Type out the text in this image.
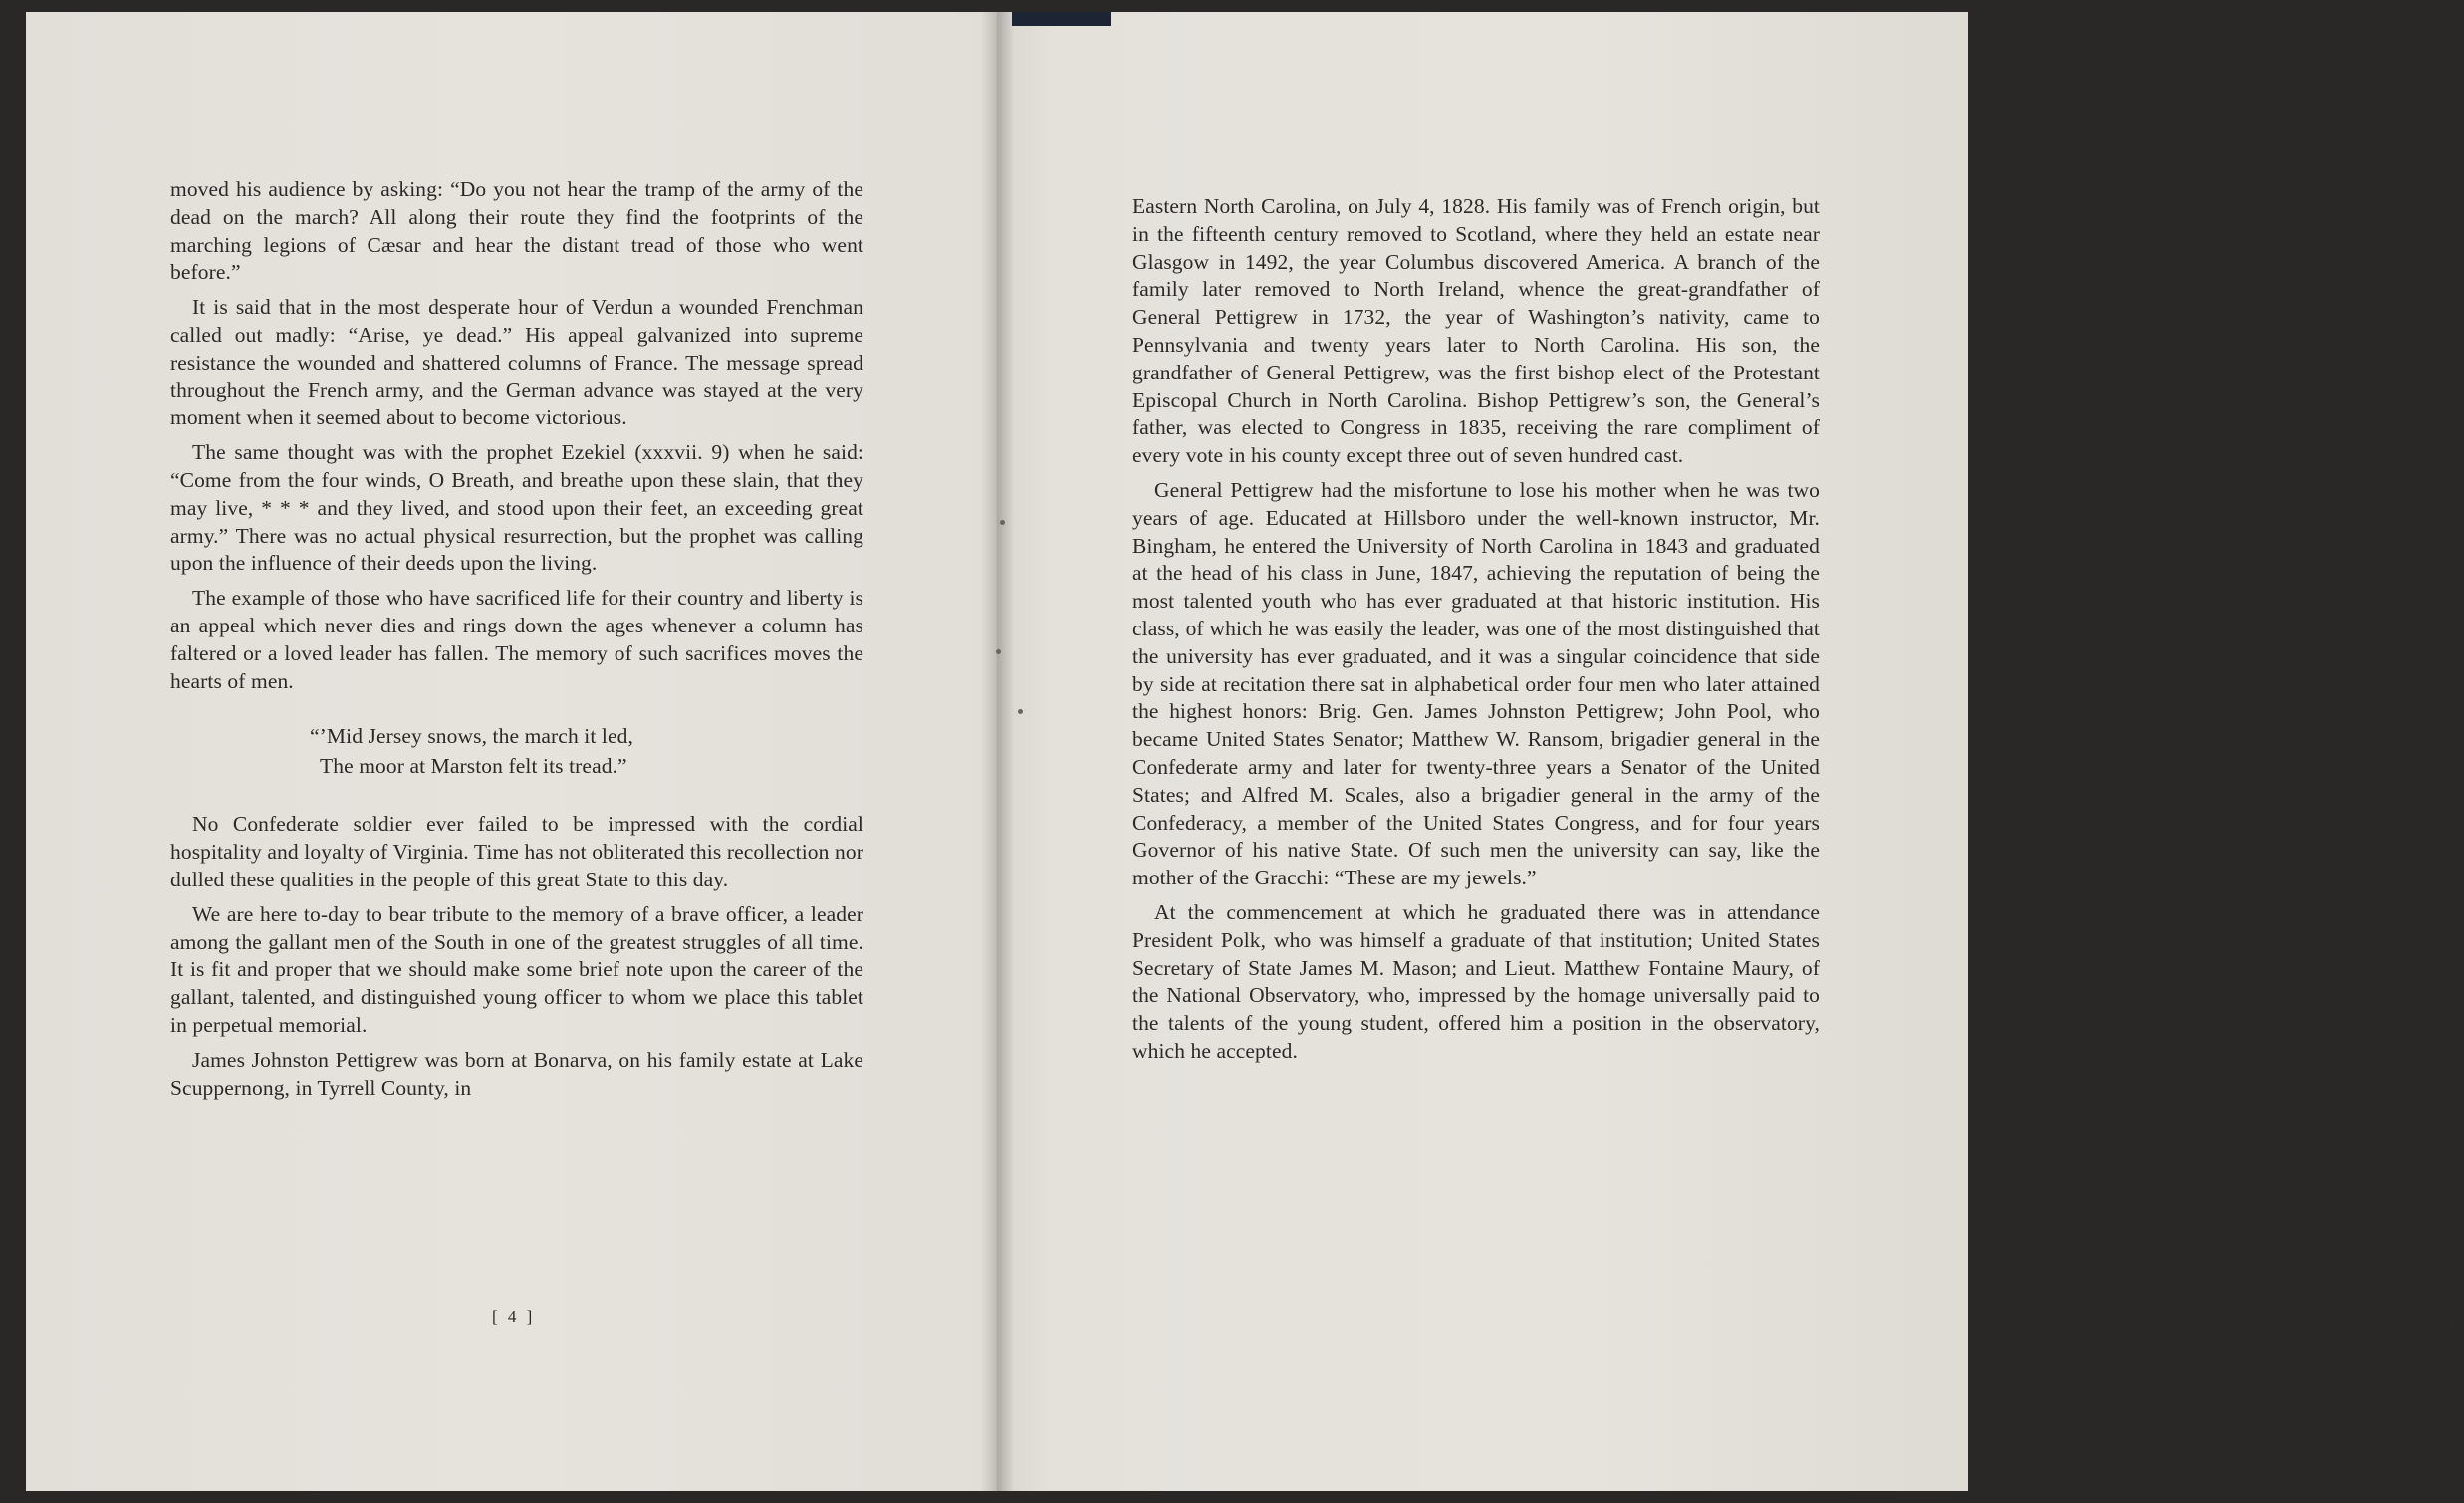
moved his audience by asking: “Do you not hear the tramp of the army of the dead on the march? All along their route they find the footprints of the marching legions of Cæsar and hear the distant tread of those who went before.”

It is said that in the most desperate hour of Verdun a wounded Frenchman called out madly: “Arise, ye dead.” His appeal galvanized into supreme resistance the wounded and shattered columns of France. The message spread throughout the French army, and the German advance was stayed at the very moment when it seemed about to become victorious.

The same thought was with the prophet Ezekiel (xxxvii. 9) when he said: “Come from the four winds, O Breath, and breathe upon these slain, that they may live, * * * and they lived, and stood upon their feet, an exceeding great army.” There was no actual physical resurrection, but the prophet was calling upon the influence of their deeds upon the living.

The example of those who have sacrificed life for their country and liberty is an appeal which never dies and rings down the ages whenever a column has faltered or a loved leader has fallen. The memory of such sacrifices moves the hearts of men.

“’Mid Jersey snows, the march it led,
The moor at Marston felt its tread.”

No Confederate soldier ever failed to be impressed with the cordial hospitality and loyalty of Virginia. Time has not obliterated this recollection nor dulled these qualities in the people of this great State to this day.

We are here to-day to bear tribute to the memory of a brave officer, a leader among the gallant men of the South in one of the greatest struggles of all time. It is fit and proper that we should make some brief note upon the career of the gallant, talented, and distinguished young officer to whom we place this tablet in perpetual memorial.

James Johnston Pettigrew was born at Bonarva, on his family estate at Lake Scuppernong, in Tyrrell County, in

[ 4 ]

Eastern North Carolina, on July 4, 1828. His family was of French origin, but in the fifteenth century removed to Scotland, where they held an estate near Glasgow in 1492, the year Columbus discovered America. A branch of the family later removed to North Ireland, whence the great-grandfather of General Pettigrew in 1732, the year of Washington’s nativity, came to Pennsylvania and twenty years later to North Carolina. His son, the grandfather of General Pettigrew, was the first bishop elect of the Protestant Episcopal Church in North Carolina. Bishop Pettigrew’s son, the General’s father, was elected to Congress in 1835, receiving the rare compliment of every vote in his county except three out of seven hundred cast.

General Pettigrew had the misfortune to lose his mother when he was two years of age. Educated at Hillsboro under the well-known instructor, Mr. Bingham, he entered the University of North Carolina in 1843 and graduated at the head of his class in June, 1847, achieving the reputation of being the most talented youth who has ever graduated at that historic institution. His class, of which he was easily the leader, was one of the most distinguished that the university has ever graduated, and it was a singular coincidence that side by side at recitation there sat in alphabetical order four men who later attained the highest honors: Brig. Gen. James Johnston Pettigrew; John Pool, who became United States Senator; Matthew W. Ransom, brigadier general in the Confederate army and later for twenty-three years a Senator of the United States; and Alfred M. Scales, also a brigadier general in the army of the Confederacy, a member of the United States Congress, and for four years Governor of his native State. Of such men the university can say, like the mother of the Gracchi: “These are my jewels.”

At the commencement at which he graduated there was in attendance President Polk, who was himself a graduate of that institution; United States Secretary of State James M. Mason; and Lieut. Matthew Fontaine Maury, of the National Observatory, who, impressed by the homage universally paid to the talents of the young student, offered him a position in the observatory, which he accepted.

[ 5 ]
